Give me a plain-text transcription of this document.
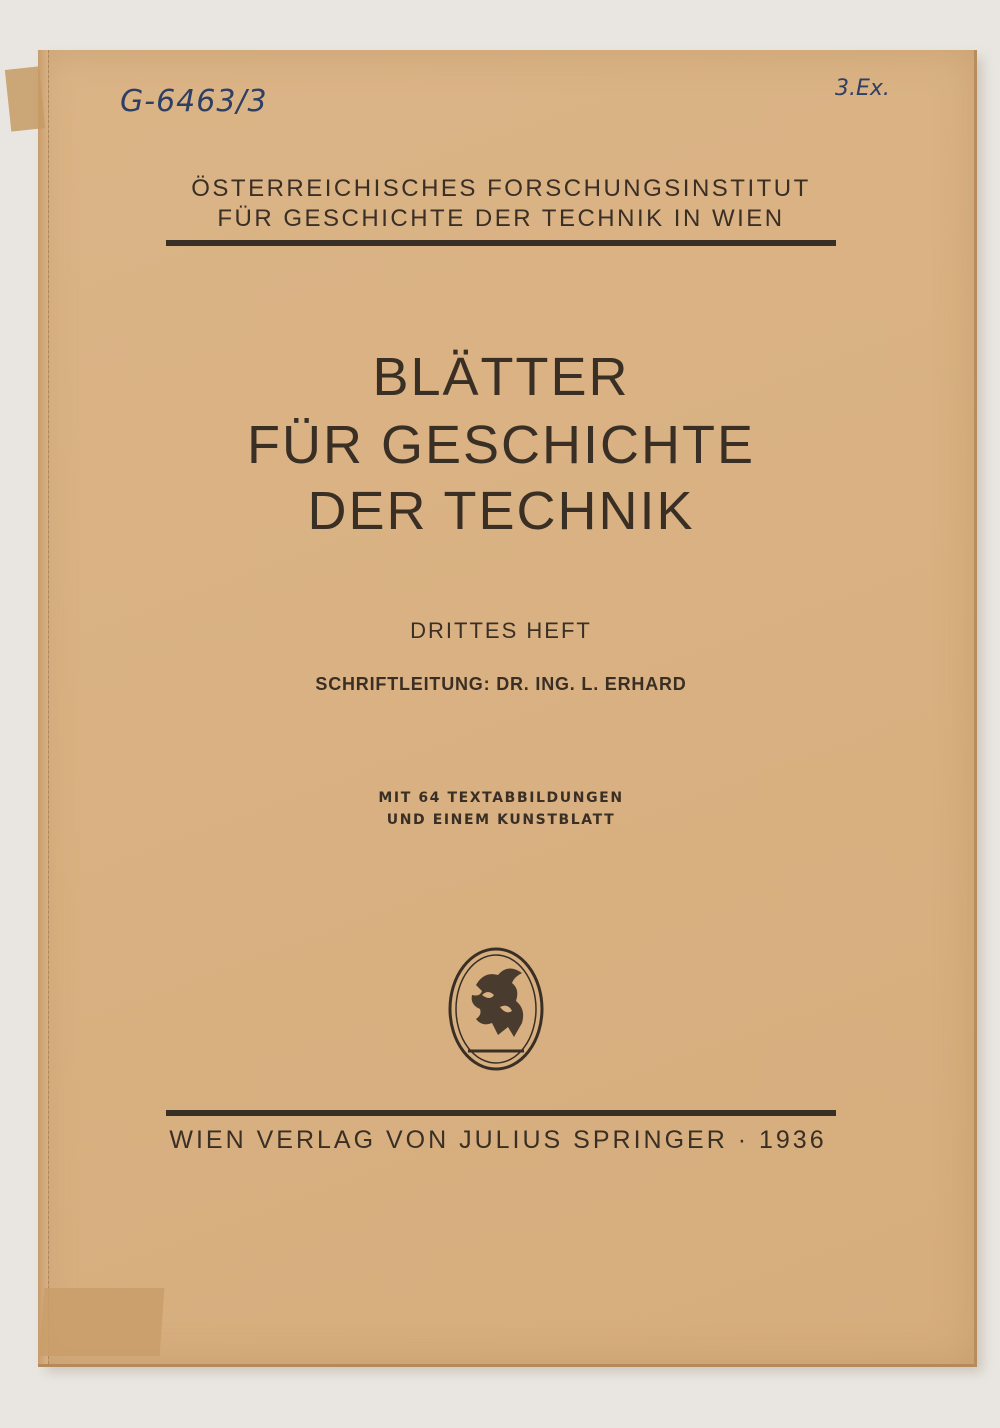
G-6463/3	3.Ex.
ÖSTERREICHISCHES FORSCHUNGSINSTITUT
FÜR GESCHICHTE DER TECHNIK IN WIEN
BLÄTTER
FÜR GESCHICHTE
DER TECHNIK
DRITTES HEFT
SCHRIFTLEITUNG: DR. ING. L. ERHARD
MIT 64 TEXTABBILDUNGEN
UND EINEM KUNSTBLATT
WIEN VERLAG VON JULIUS SPRINGER · 1936
